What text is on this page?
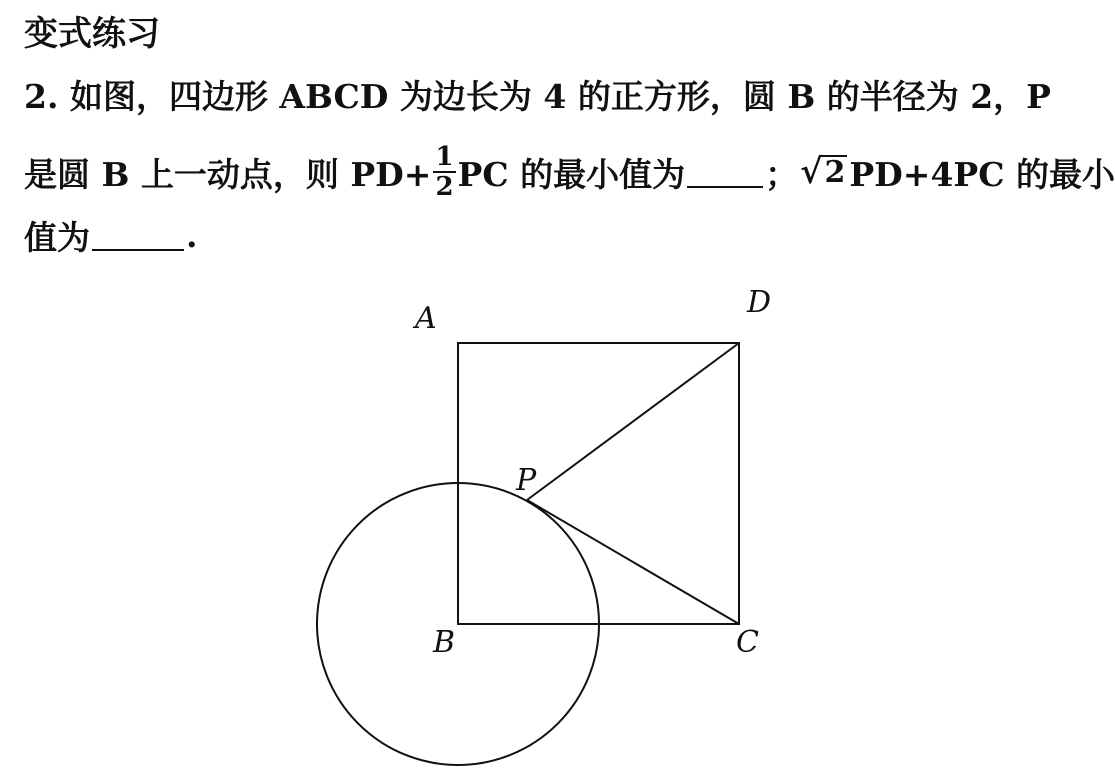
变式练习
2. 如图，四边形 ABCD 为边长为 4 的正方形，圆 B 的半径为 2，P
是圆 B 上一动点，则 $PD+ \frac{1}{2}$ PC 的最小值为 ； √ 2 PD+4PC 的最小
值为	.
A	D
P
B	C
